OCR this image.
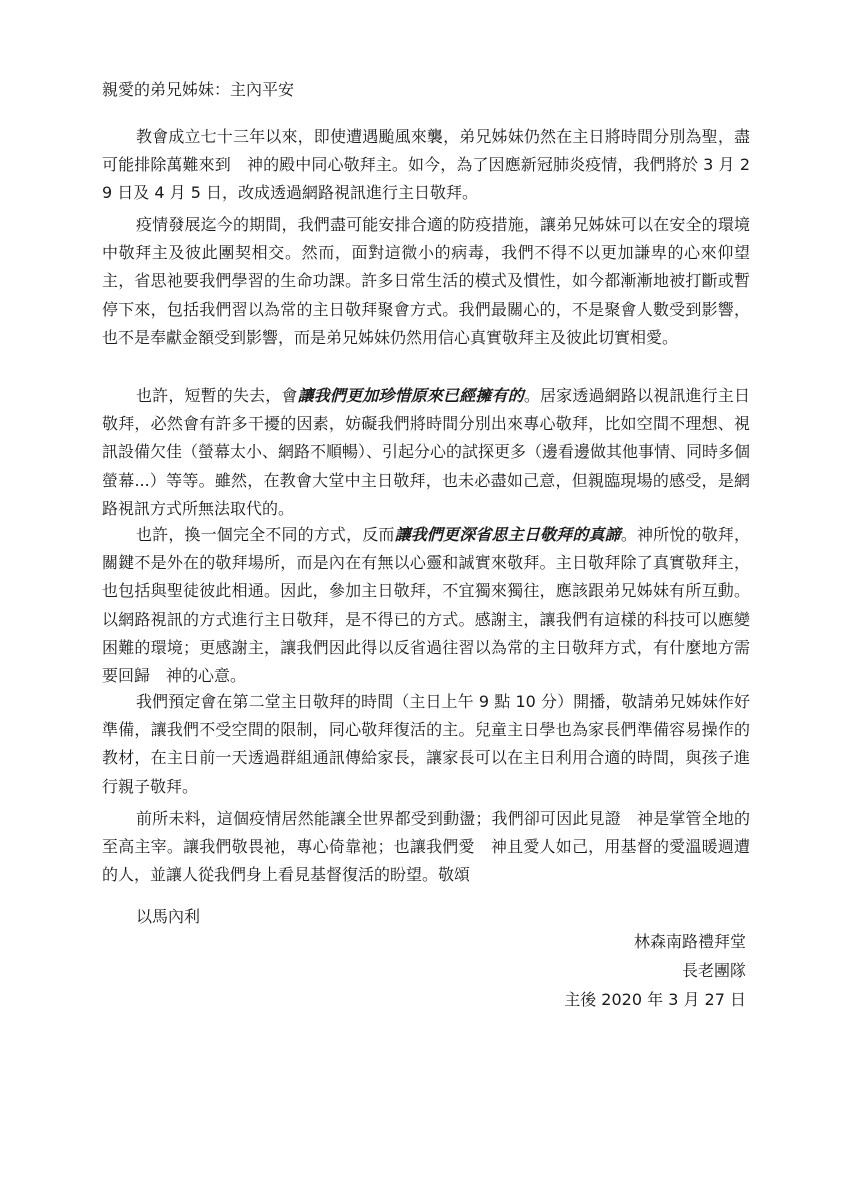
親愛的弟兄姊妹：主內平安
教會成立七十三年以來，即使遭遇颱風來襲，弟兄姊妹仍然在主日將時間分別為聖，盡可能排除萬難來到　神的殿中同心敬拜主。如今，為了因應新冠肺炎疫情，我們將於 3 月 29 日及 4 月 5 日，改成透過網路視訊進行主日敬拜。
疫情發展迄今的期間，我們盡可能安排合適的防疫措施，讓弟兄姊妹可以在安全的環境中敬拜主及彼此團契相交。然而，面對這微小的病毒，我們不得不以更加謙卑的心來仰望主，省思祂要我們學習的生命功課。許多日常生活的模式及慣性，如今都漸漸地被打斷或暫停下來，包括我們習以為常的主日敬拜聚會方式。我們最關心的，不是聚會人數受到影響，也不是奉獻金額受到影響，而是弟兄姊妹仍然用信心真實敬拜主及彼此切實相愛。
也許，短暫的失去，會讓我們更加珍惜原來已經擁有的。居家透過網路以視訊進行主日敬拜，必然會有許多干擾的因素，妨礙我們將時間分別出來專心敬拜，比如空間不理想、視訊設備欠佳（螢幕太小、網路不順暢）、引起分心的試探更多（邊看邊做其他事情、同時多個螢幕...）等等。雖然，在教會大堂中主日敬拜，也未必盡如己意，但親臨現場的感受，是網路視訊方式所無法取代的。
也許，換一個完全不同的方式，反而讓我們更深省思主日敬拜的真諦。神所悅的敬拜，關鍵不是外在的敬拜場所，而是內在有無以心靈和誠實來敬拜。主日敬拜除了真實敬拜主，也包括與聖徒彼此相通。因此，參加主日敬拜，不宜獨來獨往，應該跟弟兄姊妹有所互動。以網路視訊的方式進行主日敬拜，是不得已的方式。感謝主，讓我們有這樣的科技可以應變困難的環境；更感謝主，讓我們因此得以反省過往習以為常的主日敬拜方式，有什麼地方需要回歸　神的心意。
我們預定會在第二堂主日敬拜的時間（主日上午 9 點 10 分）開播，敬請弟兄姊妹作好準備，讓我們不受空間的限制，同心敬拜復活的主。兒童主日學也為家長們準備容易操作的教材，在主日前一天透過群組通訊傳給家長，讓家長可以在主日利用合適的時間，與孩子進行親子敬拜。
前所未料，這個疫情居然能讓全世界都受到動盪；我們卻可因此見證　神是掌管全地的至高主宰。讓我們敬畏祂，專心倚靠祂；也讓我們愛　神且愛人如己，用基督的愛溫暖週遭的人，並讓人從我們身上看見基督復活的盼望。敬頌
以馬內利
林森南路禮拜堂
長老團隊
主後 2020 年 3 月 27 日
